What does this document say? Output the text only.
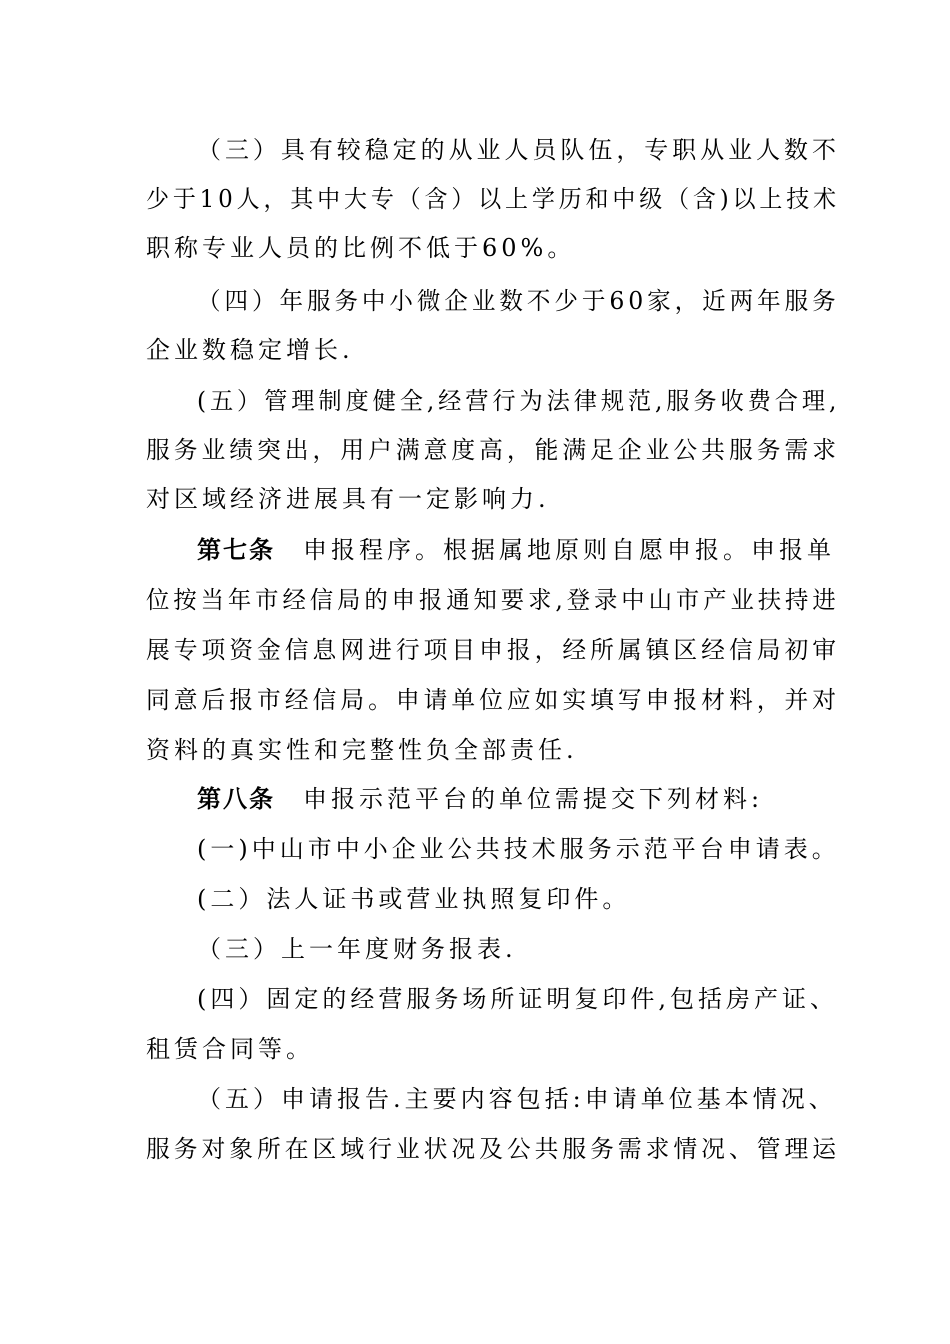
（三）具有较稳定的从业人员队伍，专职从业人数不
少于10人，其中大专（含）以上学历和中级（含)以上技术
职称专业人员的比例不低于60%。
（四）年服务中小微企业数不少于60家，近两年服务
企业数稳定增长.
(五）管理制度健全,经营行为法律规范,服务收费合理,
服务业绩突出，用户满意度高，能满足企业公共服务需求
对区域经济进展具有一定影响力.
第七条　申报程序。根据属地原则自愿申报。申报单
位按当年市经信局的申报通知要求,登录中山市产业扶持进
展专项资金信息网进行项目申报，经所属镇区经信局初审
同意后报市经信局。申请单位应如实填写申报材料，并对
资料的真实性和完整性负全部责任.
第八条　申报示范平台的单位需提交下列材料:
(一)中山市中小企业公共技术服务示范平台申请表。
(二）法人证书或营业执照复印件。
（三）上一年度财务报表.
(四）固定的经营服务场所证明复印件,包括房产证、
租赁合同等。
（五）申请报告.主要内容包括:申请单位基本情况、
服务对象所在区域行业状况及公共服务需求情况、管理运
